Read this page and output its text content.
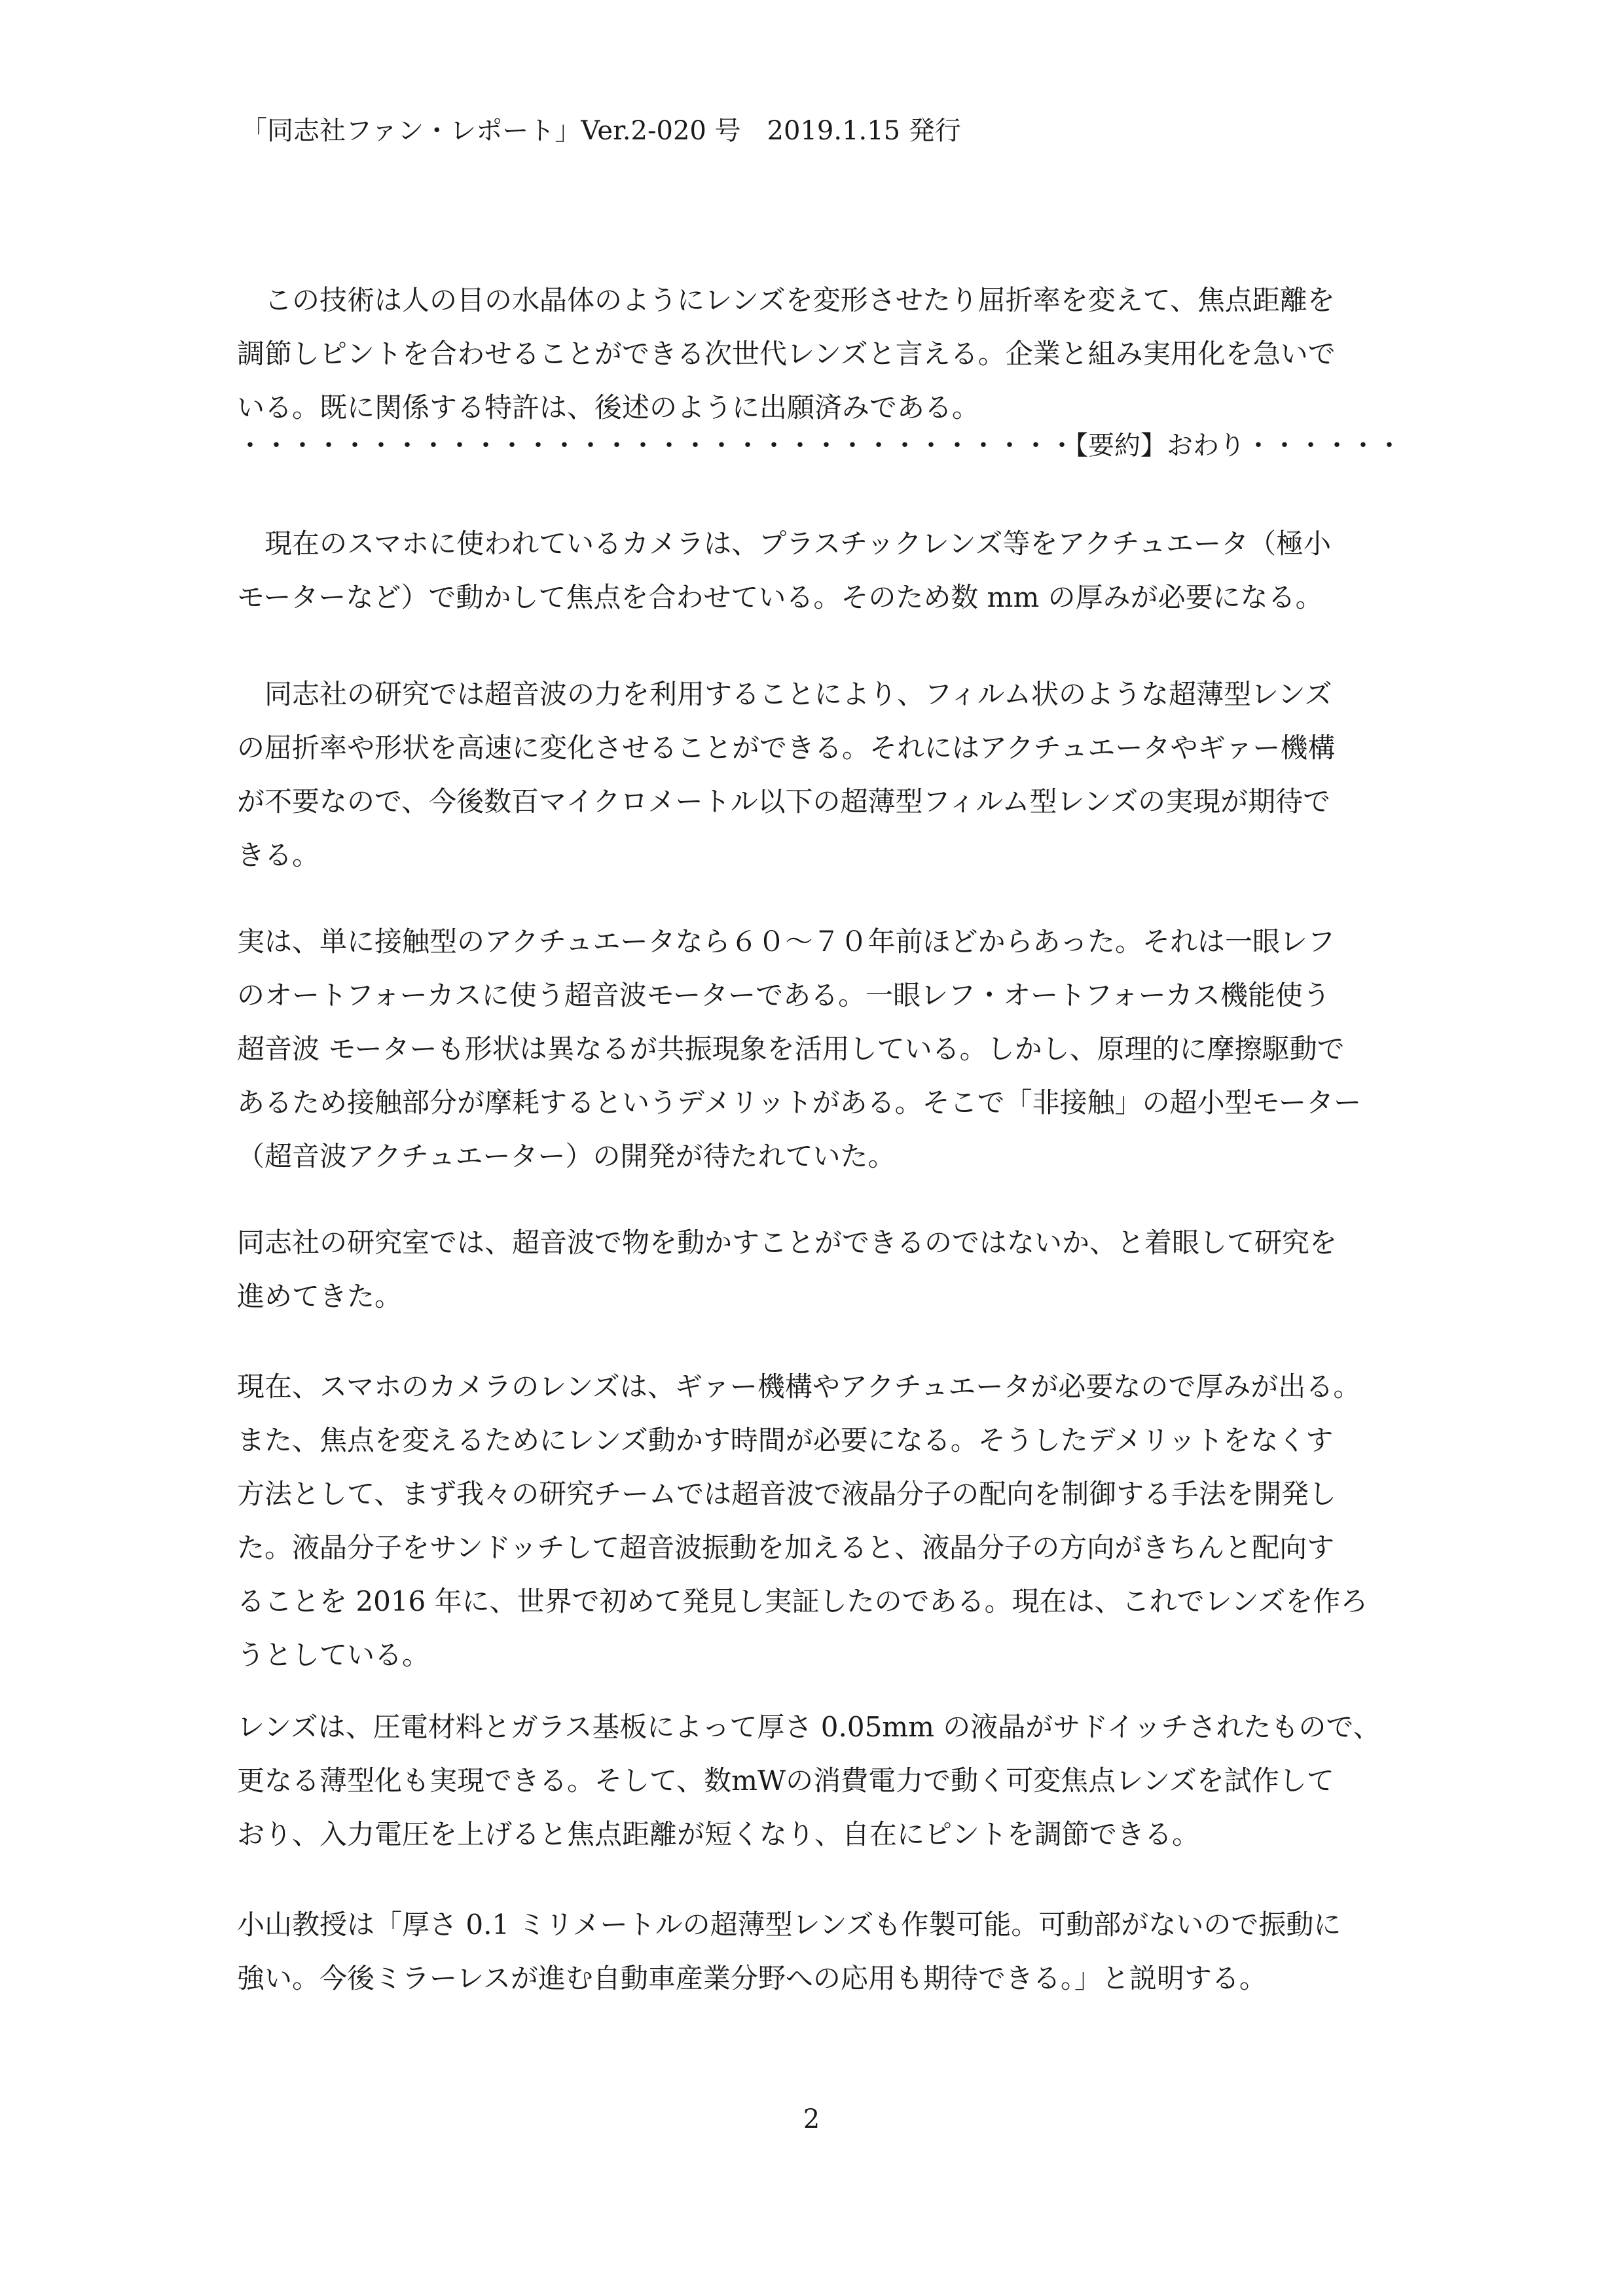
「同志社ファン・レポート」Ver.2-020 号　2019.1.15 発行
　この技術は人の目の水晶体のようにレンズを変形させたり屈折率を変えて、焦点距離を
調節しピントを合わせることができる次世代レンズと言える。企業と組み実用化を急いで
いる。既に関係する特許は、後述のように出願済みである。
・・・・・・・・・・・・・・・・・・・・・・・・・・・・・・・・【要約】おわり・・・・・・
　現在のスマホに使われているカメラは、プラスチックレンズ等をアクチュエータ（極小
モーターなど）で動かして焦点を合わせている。そのため数 mm の厚みが必要になる。
　同志社の研究では超音波の力を利用することにより、フィルム状のような超薄型レンズ
の屈折率や形状を高速に変化させることができる。それにはアクチュエータやギァー機構
が不要なので、今後数百マイクロメートル以下の超薄型フィルム型レンズの実現が期待で
きる。
実は、単に接触型のアクチュエータなら６０〜７０年前ほどからあった。それは一眼レフ
のオートフォーカスに使う超音波モーターである。一眼レフ・オートフォーカス機能使う
超音波 モーターも形状は異なるが共振現象を活用している。しかし、原理的に摩擦駆動で
あるため接触部分が摩耗するというデメリットがある。そこで「非接触」の超小型モーター
（超音波アクチュエーター）の開発が待たれていた。
同志社の研究室では、超音波で物を動かすことができるのではないか、と着眼して研究を
進めてきた。
現在、スマホのカメラのレンズは、ギァー機構やアクチュエータが必要なので厚みが出る。
また、焦点を変えるためにレンズ動かす時間が必要になる。そうしたデメリットをなくす
方法として、まず我々の研究チームでは超音波で液晶分子の配向を制御する手法を開発し
た。液晶分子をサンドッチして超音波振動を加えると、液晶分子の方向がきちんと配向す
ることを 2016 年に、世界で初めて発見し実証したのである。現在は、これでレンズを作ろ
うとしている。
レンズは、圧電材料とガラス基板によって厚さ 0.05mm の液晶がサドイッチされたもので、
更なる薄型化も実現できる。そして、数mWの消費電力で動く可変焦点レンズを試作して
おり、入力電圧を上げると焦点距離が短くなり、自在にピントを調節できる。
小山教授は「厚さ 0.1 ミリメートルの超薄型レンズも作製可能。可動部がないので振動に
強い。今後ミラーレスが進む自動車産業分野への応用も期待できる。」と説明する。
2
